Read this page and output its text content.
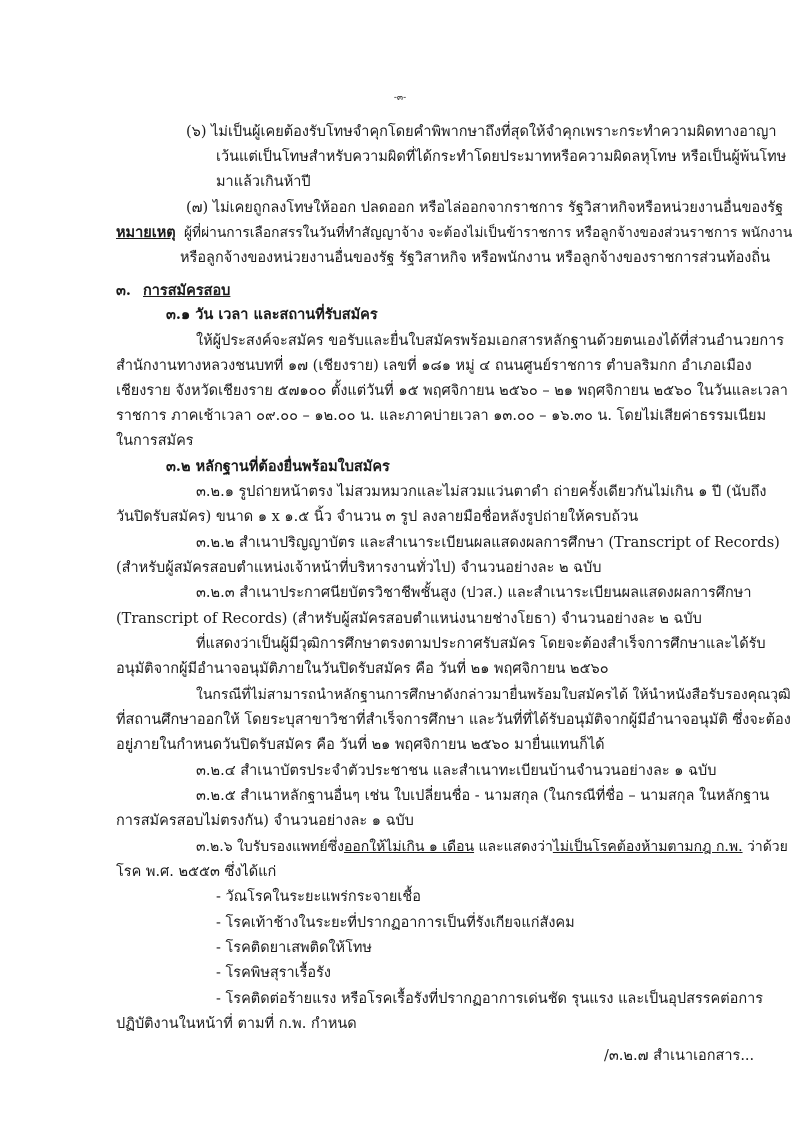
-๓-
(๖) ไม่เป็นผู้เคยต้องรับโทษจำคุกโดยคำพิพากษาถึงที่สุดให้จำคุกเพราะกระทำความผิดทางอาญา
เว้นแต่เป็นโทษสำหรับความผิดที่ได้กระทำโดยประมาทหรือความผิดลหุโทษ หรือเป็นผู้พ้นโทษ
มาแล้วเกินห้าปี
(๗) ไม่เคยถูกลงโทษให้ออก ปลดออก หรือไล่ออกจากราชการ รัฐวิสาหกิจหรือหน่วยงานอื่นของรัฐ
หมายเหตุ ผู้ที่ผ่านการเลือกสรรในวันที่ทำสัญญาจ้าง จะต้องไม่เป็นข้าราชการ หรือลูกจ้างของส่วนราชการ พนักงาน
หรือลูกจ้างของหน่วยงานอื่นของรัฐ รัฐวิสาหกิจ หรือพนักงาน หรือลูกจ้างของราชการส่วนท้องถิ่น
๓. การสมัครสอบ
๓.๑ วัน เวลา และสถานที่รับสมัคร
ให้ผู้ประสงค์จะสมัคร ขอรับและยื่นใบสมัครพร้อมเอกสารหลักฐานด้วยตนเองได้ที่ส่วนอำนวยการ
สำนักงานทางหลวงชนบทที่ ๑๗ (เชียงราย) เลขที่ ๑๘๑ หมู่ ๔ ถนนศูนย์ราชการ ตำบลริมกก อำเภอเมือง
เชียงราย จังหวัดเชียงราย ๕๗๑๐๐ ตั้งแต่วันที่ ๑๕ พฤศจิกายน ๒๕๖๐ – ๒๑ พฤศจิกายน ๒๕๖๐ ในวันและเวลา
ราชการ ภาคเช้าเวลา ๐๙.๐๐ – ๑๒.๐๐ น. และภาคบ่ายเวลา ๑๓.๐๐ – ๑๖.๓๐ น. โดยไม่เสียค่าธรรมเนียม
ในการสมัคร
๓.๒ หลักฐานที่ต้องยื่นพร้อมใบสมัคร
๓.๒.๑ รูปถ่ายหน้าตรง ไม่สวมหมวกและไม่สวมแว่นตาดำ ถ่ายครั้งเดียวกันไม่เกิน ๑ ปี (นับถึง
วันปิดรับสมัคร) ขนาด ๑ x ๑.๕ นิ้ว จำนวน ๓ รูป ลงลายมือชื่อหลังรูปถ่ายให้ครบถ้วน
๓.๒.๒ สำเนาปริญญาบัตร และสำเนาระเบียนผลแสดงผลการศึกษา (Transcript of Records)
(สำหรับผู้สมัครสอบตำแหน่งเจ้าหน้าที่บริหารงานทั่วไป) จำนวนอย่างละ ๒ ฉบับ
๓.๒.๓ สำเนาประกาศนียบัตรวิชาชีพชั้นสูง (ปวส.) และสำเนาระเบียนผลแสดงผลการศึกษา
(Transcript of Records) (สำหรับผู้สมัครสอบตำแหน่งนายช่างโยธา) จำนวนอย่างละ ๒ ฉบับ
ที่แสดงว่าเป็นผู้มีวุฒิการศึกษาตรงตามประกาศรับสมัคร โดยจะต้องสำเร็จการศึกษาและได้รับ
อนุมัติจากผู้มีอำนาจอนุมัติภายในวันปิดรับสมัคร คือ วันที่ ๒๑ พฤศจิกายน ๒๕๖๐
ในกรณีที่ไม่สามารถนำหลักฐานการศึกษาดังกล่าวมายื่นพร้อมใบสมัครได้ ให้นำหนังสือรับรองคุณวุฒิ
ที่สถานศึกษาออกให้ โดยระบุสาขาวิชาที่สำเร็จการศึกษา และวันที่ที่ได้รับอนุมัติจากผู้มีอำนาจอนุมัติ ซึ่งจะต้อง
อยู่ภายในกำหนดวันปิดรับสมัคร คือ วันที่ ๒๑ พฤศจิกายน ๒๕๖๐ มายื่นแทนก็ได้
๓.๒.๔ สำเนาบัตรประจำตัวประชาชน และสำเนาทะเบียนบ้านจำนวนอย่างละ ๑ ฉบับ
๓.๒.๕ สำเนาหลักฐานอื่นๆ เช่น ใบเปลี่ยนชื่อ - นามสกุล (ในกรณีที่ชื่อ – นามสกุล ในหลักฐาน
การสมัครสอบไม่ตรงกัน) จำนวนอย่างละ ๑ ฉบับ
๓.๒.๖ ใบรับรองแพทย์ซึ่งออกให้ไม่เกิน ๑ เดือน และแสดงว่าไม่เป็นโรคต้องห้ามตามกฎ ก.พ. ว่าด้วย
โรค พ.ศ. ๒๕๕๓ ซึ่งได้แก่
- วัณโรคในระยะแพร่กระจายเชื้อ
- โรคเท้าช้างในระยะที่ปรากฏอาการเป็นที่รังเกียจแก่สังคม
- โรคติดยาเสพติดให้โทษ
- โรคพิษสุราเรื้อรัง
- โรคติดต่อร้ายแรง หรือโรคเรื้อรังที่ปรากฏอาการเด่นชัด รุนแรง และเป็นอุปสรรคต่อการ
ปฏิบัติงานในหน้าที่ ตามที่ ก.พ. กำหนด
/๓.๒.๗ สำเนาเอกสาร...
